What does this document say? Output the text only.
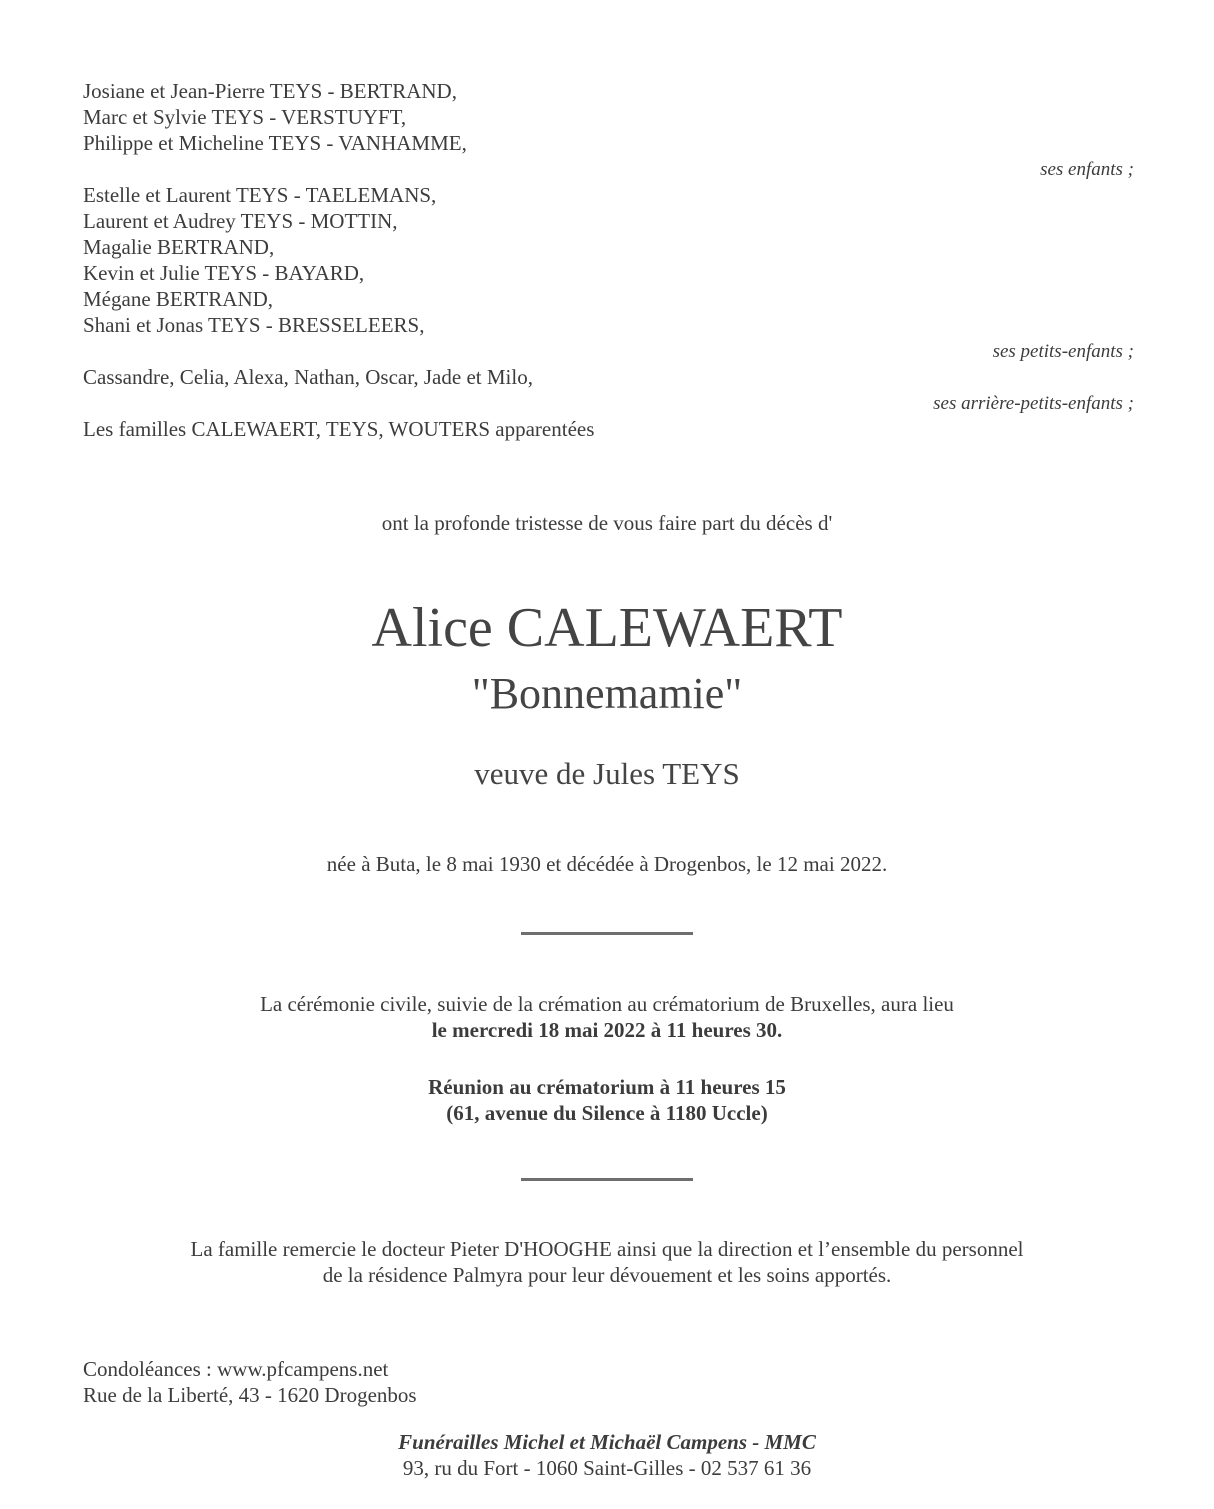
Josiane et Jean-Pierre TEYS - BERTRAND,
Marc et Sylvie TEYS - VERSTUYFT,
Philippe et Micheline TEYS - VANHAMME,
ses enfants ;
Estelle et Laurent TEYS - TAELEMANS,
Laurent et Audrey TEYS - MOTTIN,
Magalie BERTRAND,
Kevin et Julie TEYS - BAYARD,
Mégane BERTRAND,
Shani et Jonas TEYS - BRESSELEERS,
ses petits-enfants ;
Cassandre, Celia, Alexa, Nathan, Oscar, Jade et Milo,
ses arrière-petits-enfants ;
Les familles CALEWAERT, TEYS, WOUTERS apparentées
ont la profonde tristesse de vous faire part du décès d'
Alice CALEWAERT
"Bonnemamie"
veuve de Jules TEYS
née à Buta, le 8 mai 1930 et décédée à Drogenbos, le 12 mai 2022.
La cérémonie civile, suivie de la crémation au crématorium de Bruxelles, aura lieu
le mercredi 18 mai 2022 à 11 heures 30.
Réunion au crématorium à 11 heures 15
(61, avenue du Silence à 1180 Uccle)
La famille remercie le docteur Pieter D'HOOGHE ainsi que la direction et l’ensemble du personnel
de la résidence Palmyra pour leur dévouement et les soins apportés.
Condoléances : www.pfcampens.net
Rue de la Liberté, 43 - 1620 Drogenbos
Funérailles Michel et Michaël Campens - MMC
93, ru du Fort - 1060 Saint-Gilles - 02 537 61 36
